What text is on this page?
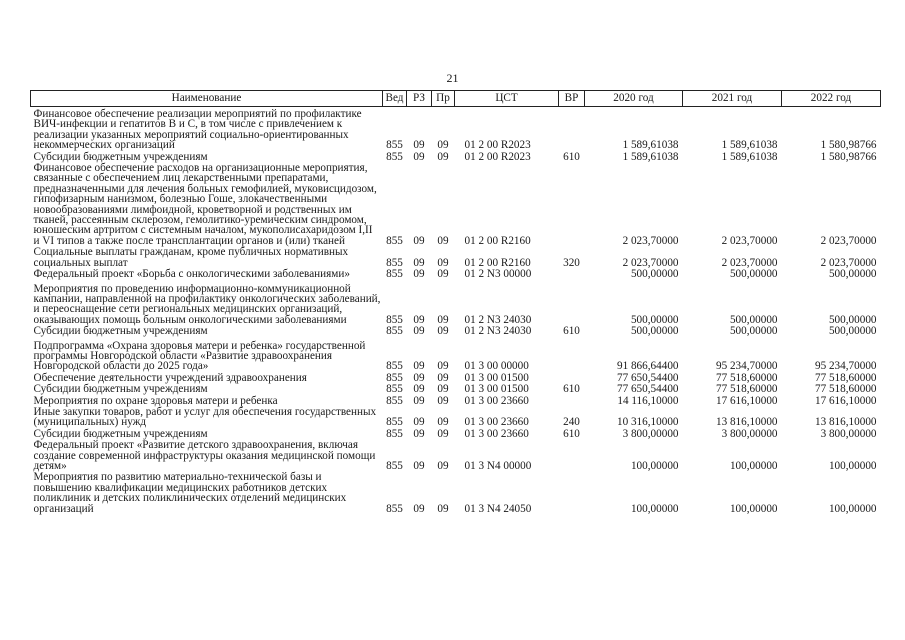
21
Наименование	Вед	РЗ	Пр	ЦСТ	ВР	2020 год	2021 год	2022 год
Финансовое обеспечение реализации мероприятий по профилактике ВИЧ-инфекции и гепатитов В и С, в том числе с привлечением к реализации указанных мероприятий социально-ориентированных некоммерческих организаций	855	09	09	01 2 00 R2023		1 589,61038	1 589,61038	1 580,98766
Субсидии бюджетным учреждениям	855	09	09	01 2 00 R2023	610	1 589,61038	1 589,61038	1 580,98766
Финансовое обеспечение расходов на организационные мероприятия, связанные с обеспечением лиц лекарственными препаратами, предназначенными для лечения больных гемофилией, муковисцидозом, гипофизарным нанизмом, болезнью Гоше, злокачественными новообразованиями лимфоидной, кроветворной и родственных им тканей, рассеянным склерозом, гемолитико-уремическим синдромом, юношеским артритом с системным началом, мукополисахаридозом I,II и VI типов а также после трансплантации органов и (или) тканей	855	09	09	01 2 00 R2160		2 023,70000	2 023,70000	2 023,70000
Социальные выплаты гражданам, кроме публичных нормативных социальных выплат	855	09	09	01 2 00 R2160	320	2 023,70000	2 023,70000	2 023,70000
Федеральный проект «Борьба с онкологическими заболеваниями»	855	09	09	01 2 N3 00000		500,00000	500,00000	500,00000
Мероприятия по проведению информационно-коммуникационной кампании, направленной на профилактику онкологических заболеваний, и переоснащение сети региональных медицинских организаций, оказывающих помощь больным онкологическими заболеваниями	855	09	09	01 2 N3 24030		500,00000	500,00000	500,00000
Субсидии бюджетным учреждениям	855	09	09	01 2 N3 24030	610	500,00000	500,00000	500,00000
Подпрограмма «Охрана здоровья матери и ребенка» государственной программы Новгородской области «Развитие здравоохранения Новгородской области до 2025 года»	855	09	09	01 3 00 00000		91 866,64400	95 234,70000	95 234,70000
Обеспечение деятельности учреждений здравоохранения	855	09	09	01 3 00 01500		77 650,54400	77 518,60000	77 518,60000
Субсидии бюджетным учреждениям	855	09	09	01 3 00 01500	610	77 650,54400	77 518,60000	77 518,60000
Мероприятия по охране здоровья матери и ребенка	855	09	09	01 3 00 23660		14 116,10000	17 616,10000	17 616,10000
Иные закупки товаров, работ и услуг для обеспечения государственных (муниципальных) нужд	855	09	09	01 3 00 23660	240	10 316,10000	13 816,10000	13 816,10000
Субсидии бюджетным учреждениям	855	09	09	01 3 00 23660	610	3 800,00000	3 800,00000	3 800,00000
Федеральный проект «Развитие детского здравоохранения, включая создание современной инфраструктуры оказания медицинской помощи детям»	855	09	09	01 3 N4 00000		100,00000	100,00000	100,00000
Мероприятия по развитию материально-технической базы и повышению квалификации медицинских работников детских поликлиник и детских поликлинических отделений медицинских организаций	855	09	09	01 3 N4 24050		100,00000	100,00000	100,00000
